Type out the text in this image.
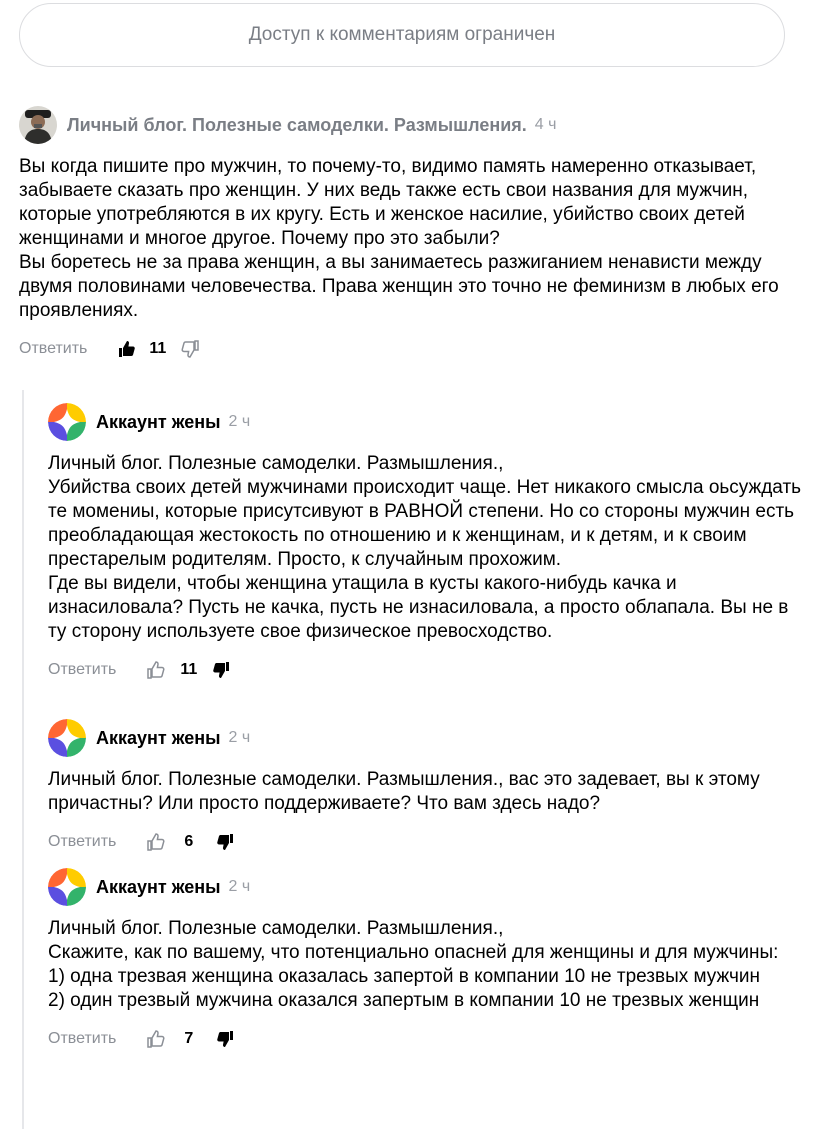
Доступ к комментариям ограничен
Личный блог. Полезные самоделки. Размышления. 4 ч
Вы когда пишите про мужчин, то почему-то, видимо память намеренно отказывает, забываете сказать про женщин. У них ведь также есть свои названия для мужчин, которые употребляются в их кругу. Есть и женское насилие, убийство своих детей женщинами и многое другое. Почему про это забыли?
Вы боретесь не за права женщин, а вы занимаетесь разжиганием ненависти между двумя половинами человечества. Права женщин это точно не феминизм в любых его проявлениях.
Ответить	11
Аккаунт жены 2 ч
Личный блог. Полезные самоделки. Размышления.,
Убийства своих детей мужчинами происходит чаще. Нет никакого смысла оьсуждать те момениы, которые присутсивуют в РАВНОЙ степени. Но со стороны мужчин есть преобладающая жестокость по отношению и к женщинам, и к детям, и к своим престарелым родителям. Просто, к случайным прохожим.
Где вы видели, чтобы женщина утащила в кусты какого-нибудь качка и изнасиловала? Пусть не качка, пусть не изнасиловала, а просто облапала. Вы не в ту сторону используете свое физическое превосходство.
Ответить	11
Аккаунт жены 2 ч
Личный блог. Полезные самоделки. Размышления., вас это задевает, вы к этому причастны? Или просто поддерживаете? Что вам здесь надо?
Ответить	6
Аккаунт жены 2 ч
Личный блог. Полезные самоделки. Размышления.,
Скажите, как по вашему, что потенциально опасней для женщины и для мужчины:
1) одна трезвая женщина оказалась запертой в компании 10 не трезвых мужчин
2) один трезвый мужчина оказался запертым в компании 10 не трезвых женщин
Ответить	7
